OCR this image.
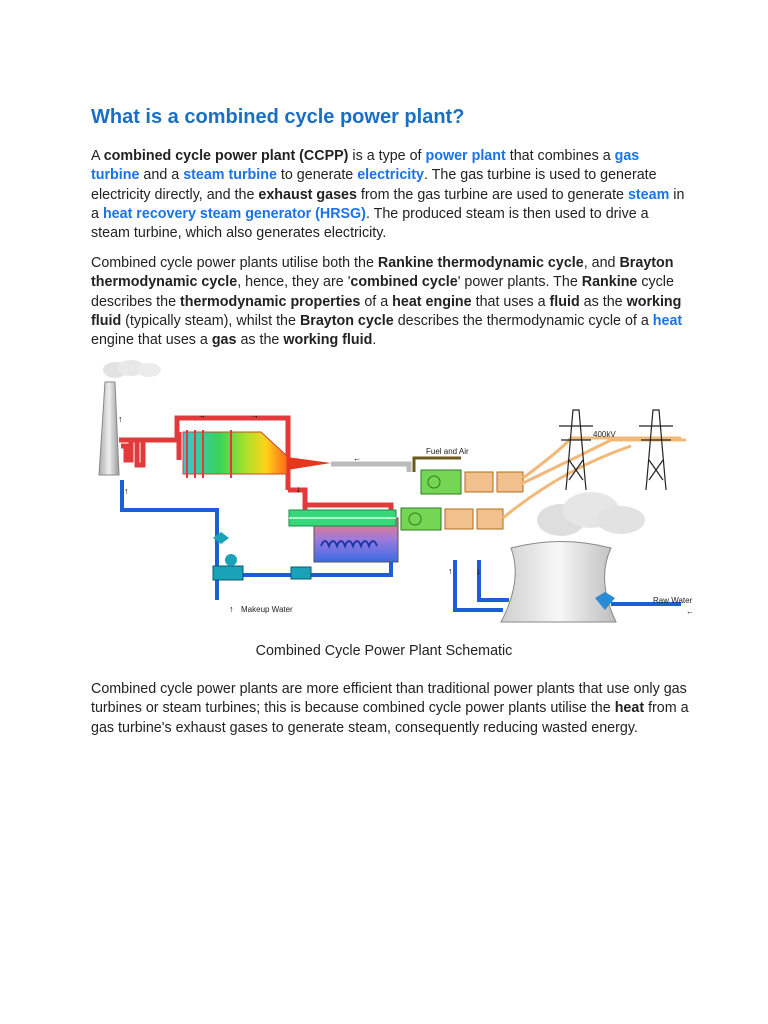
What is a combined cycle power plant?

A combined cycle power plant (CCPP) is a type of power plant that combines a gas turbine and a steam turbine to generate electricity. The gas turbine is used to generate electricity directly, and the exhaust gases from the gas turbine are used to generate steam in a heat recovery steam generator (HRSG). The produced steam is then used to drive a steam turbine, which also generates electricity.

Combined cycle power plants utilise both the Rankine thermodynamic cycle, and Brayton thermodynamic cycle, hence, they are 'combined cycle' power plants. The Rankine cycle describes the thermodynamic properties of a heat engine that uses a fluid as the working fluid (typically steam), whilst the Brayton cycle describes the thermodynamic cycle of a heat engine that uses a gas as the working fluid.

↑	→	→
←
↓
Fuel and Air
400kV
↑
↑	↓
↑	←
Makeup Water
Raw Water
Combined Cycle Power Plant Schematic

Combined cycle power plants are more efficient than traditional power plants that use only gas turbines or steam turbines; this is because combined cycle power plants utilise the heat from a gas turbine's exhaust gases to generate steam, consequently reducing wasted energy.
